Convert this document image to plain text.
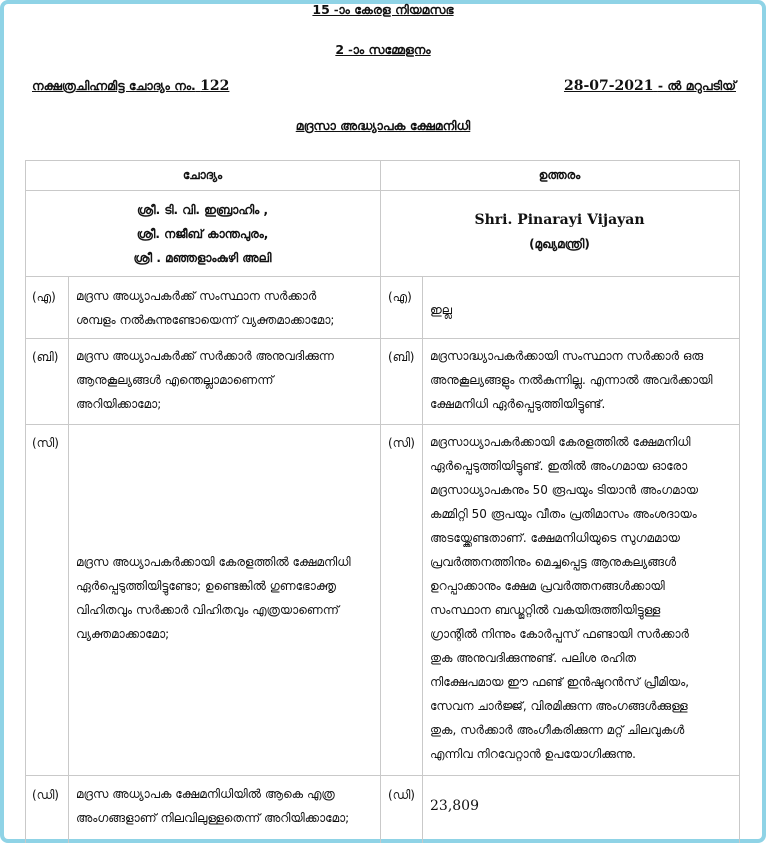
15 -ാം കേരള നിയമസഭ
2 -ാം സമ്മേളനം
നക്ഷത്രചിഹ്നമിട്ട ചോദ്യം നം. 122	28-07-2021 - ൽ മറുപടിയ്
മദ്രസാ അദ്ധ്യാപക ക്ഷേമനിധി
ചോദ്യം	ഉത്തരം
ശ്രീ. ടി. വി. ഇബ്രാഹിം ,
ശ്രീ. നജീബ് കാന്തപുരം,
ശ്രീ . മഞ്ഞളാംകുഴി അലി
Shri. Pinarayi Vijayan
(മുഖ്യമന്ത്രി)
(എ) മദ്രസ അധ്യാപകർക്ക് സംസ്ഥാന സർക്കാർ
ശമ്പളം നൽകുന്നുണ്ടോയെന്ന് വ്യക്തമാക്കാമോ;
(എ)
ഇല്ല
(ബി) മദ്രസ അധ്യാപകർക്ക് സർക്കാർ അനുവദിക്കുന്ന
ആനുകൂല്യങ്ങൾ എന്തെല്ലാമാണെന്ന്
അറിയിക്കാമോ;
(ബി) മദ്രസാദ്ധ്യാപകർക്കായി സംസ്ഥാന സർക്കാർ ഒരു
അനുകൂല്യങ്ങളും നൽകുന്നില്ല. എന്നാൽ അവർക്കായി
ക്ഷേമനിധി ഏർപ്പെടുത്തിയിട്ടുണ്ട്.
(സി)
മദ്രസ അധ്യാപകർക്കായി കേരളത്തിൽ ക്ഷേമനിധി
ഏർപ്പെടുത്തിയിട്ടുണ്ടോ; ഉണ്ടെങ്കിൽ ഗുണഭോക്തൃ
വിഹിതവും സർക്കാർ വിഹിതവും എത്രയാണെന്ന്
വ്യക്തമാക്കാമോ;
(സി) മദ്രസാധ്യാപകർക്കായി കേരളത്തിൽ ക്ഷേമനിധി
ഏർപ്പെടുത്തിയിട്ടുണ്ട്. ഇതിൽ അംഗമായ ഓരോ
മദ്രസാധ്യാപകനും 50 രൂപയും ടിയാൻ അംഗമായ
കമ്മിറ്റി 50 രൂപയും വീതം പ്രതിമാസം അംശദായം
അടയ്ക്കേണ്ടതാണ്. ക്ഷേമനിധിയുടെ സുഗമമായ
പ്രവർത്തനത്തിനും മെച്ചപ്പെട്ട ആനുകല്യങ്ങൾ
ഉറപ്പാക്കാനും ക്ഷേമ പ്രവർത്തനങ്ങൾക്കായി
സംസ്ഥാന ബഡ്ജറ്റിൽ വകയിരുത്തിയിട്ടുള്ള
ഗ്രാന്റിൽ നിന്നും കോർപ്പസ് ഫണ്ടായി സർക്കാർ
തുക അനുവദിക്കുന്നുണ്ട്. പലിശ രഹിത
നിക്ഷേപമായ ഈ ഫണ്ട് ഇൻഷുറൻസ് പ്രീമിയം,
സേവന ചാർജ്ജ്, വിരമിക്കുന്ന അംഗങ്ങൾക്കുള്ള
തുക, സർക്കാർ അംഗീകരിക്കുന്ന മറ്റ് ചിലവുകൾ
എന്നിവ നിറവേറ്റാൻ ഉപയോഗിക്കുന്നു.
(ഡി) മദ്രസ അധ്യാപക ക്ഷേമനിധിയിൽ ആകെ എത്ര
അംഗങ്ങളാണ് നിലവിലുള്ളതെന്ന് അറിയിക്കാമോ;
(ഡി)
23,809
